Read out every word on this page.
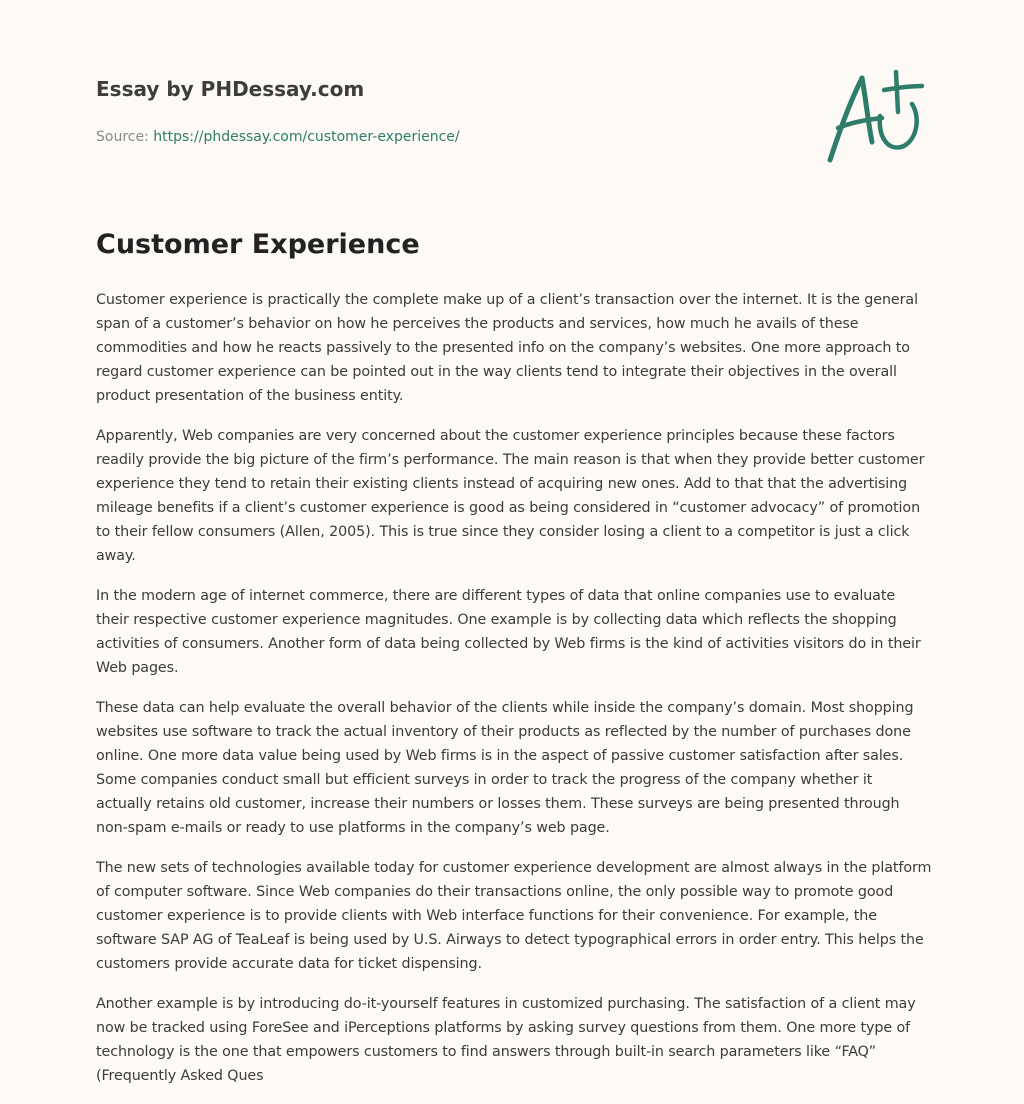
Essay by PHDessay.com
Source: https://phdessay.com/customer-experience/
Customer Experience

Customer experience is practically the complete make up of a client’s transaction over the internet. It is the general span of a customer’s behavior on how he perceives the products and services, how much he avails of these commodities and how he reacts passively to the presented info on the company’s websites. One more approach to regard customer experience can be pointed out in the way clients tend to integrate their objectives in the overall product presentation of the business entity.

Apparently, Web companies are very concerned about the customer experience principles because these factors readily provide the big picture of the firm’s performance. The main reason is that when they provide better customer experience they tend to retain their existing clients instead of acquiring new ones. Add to that that the advertising mileage benefits if a client’s customer experience is good as being considered in “customer advocacy” of promotion to their fellow consumers (Allen, 2005). This is true since they consider losing a client to a competitor is just a click away.

In the modern age of internet commerce, there are different types of data that online companies use to evaluate their respective customer experience magnitudes. One example is by collecting data which reflects the shopping activities of consumers. Another form of data being collected by Web firms is the kind of activities visitors do in their Web pages.

These data can help evaluate the overall behavior of the clients while inside the company’s domain. Most shopping websites use software to track the actual inventory of their products as reflected by the number of purchases done online. One more data value being used by Web firms is in the aspect of passive customer satisfaction after sales. Some companies conduct small but efficient surveys in order to track the progress of the company whether it actually retains old customer, increase their numbers or losses them. These surveys are being presented through non-spam e-mails or ready to use platforms in the company’s web page.

The new sets of technologies available today for customer experience development are almost always in the platform of computer software. Since Web companies do their transactions online, the only possible way to promote good customer experience is to provide clients with Web interface functions for their convenience. For example, the software SAP AG of TeaLeaf is being used by U.S. Airways to detect typographical errors in order entry. This helps the customers provide accurate data for ticket dispensing.

Another example is by introducing do-it-yourself features in customized purchasing. The satisfaction of a client may now be tracked using ForeSee and iPerceptions platforms by asking survey questions from them. One more type of technology is the one that empowers customers to find answers through built-in search parameters like “FAQ” (Frequently Asked Ques
